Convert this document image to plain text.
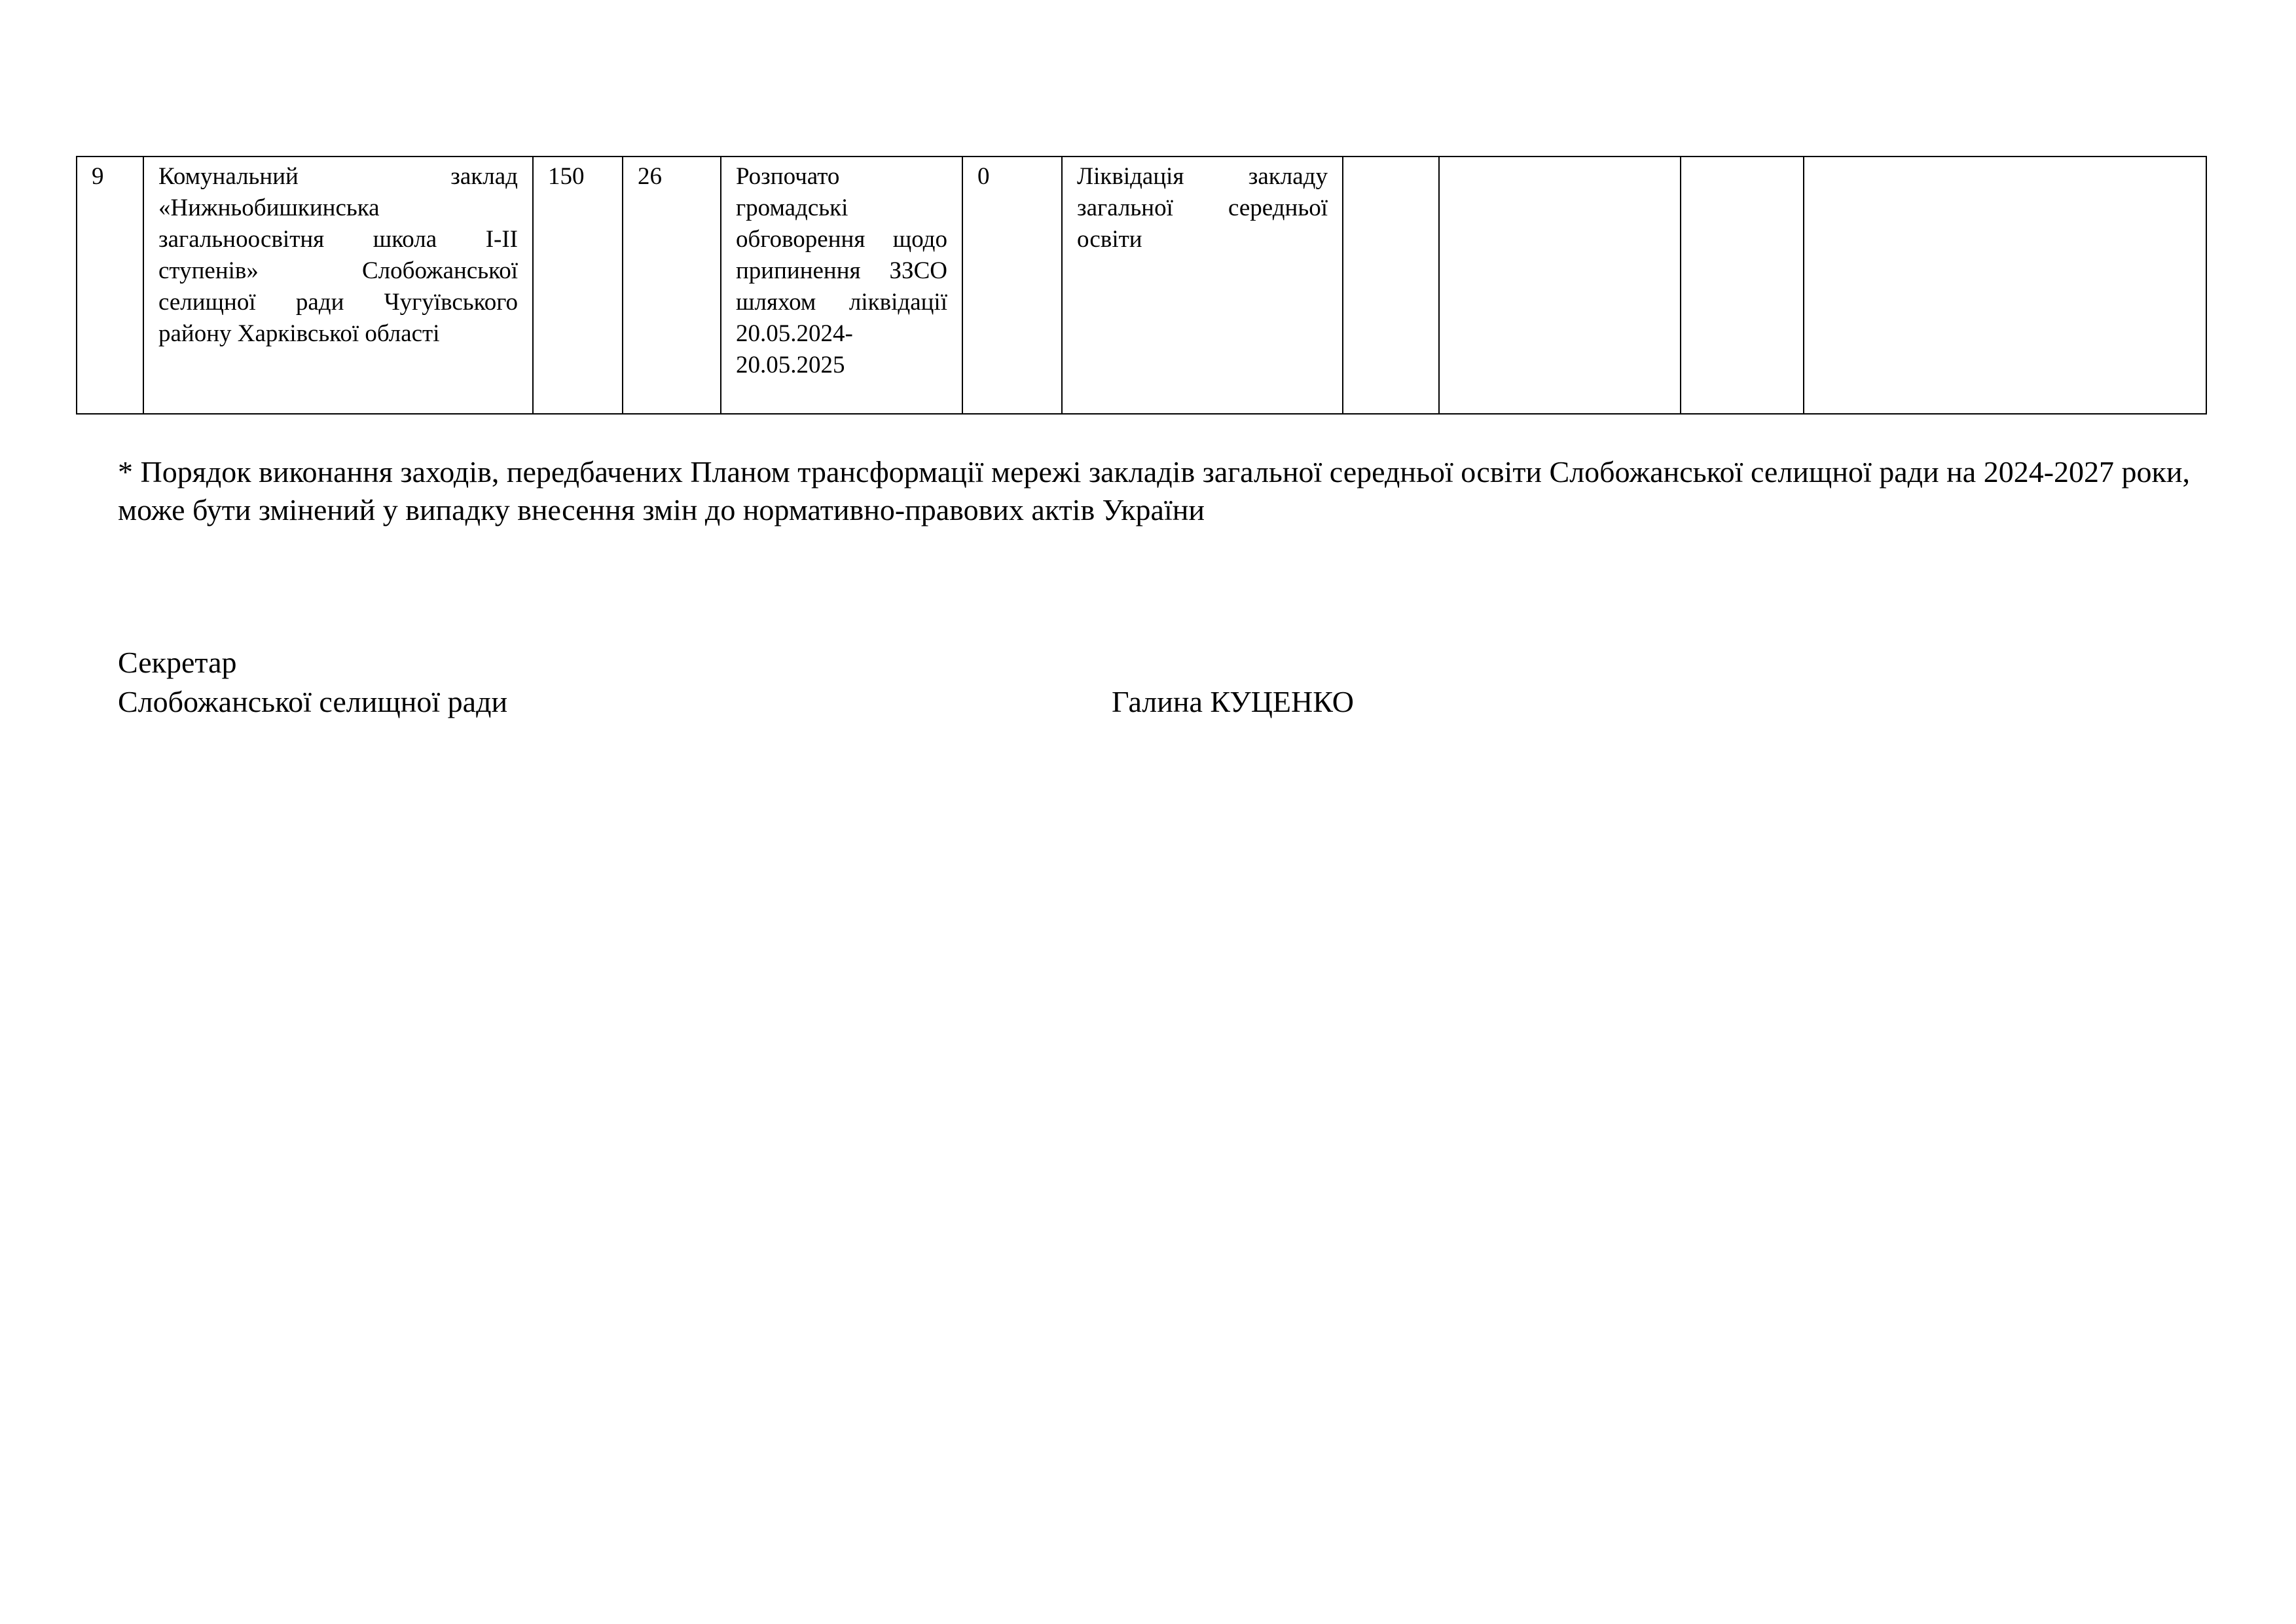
9	Комунальний заклад «Нижньобишкинська загальноосвітня школа І-ІІ ступенів» Слобожанської селищної ради Чугуївського району Харківської області	150	26	Розпочато громадські обговорення щодо припинення ЗЗСО шляхом ліквідації 20.05.2024-20.05.2025	0	Ліквідація закладу загальної середньої освіти				

* Порядок виконання заходів, передбачених Планом трансформації мережі закладів загальної середньої освіти Слобожанської селищної ради на 2024-2027 роки, може бути змінений у випадку внесення змін до нормативно-правових актів України

Секретар
Слобожанської селищної ради	Галина КУЦЕНКО
